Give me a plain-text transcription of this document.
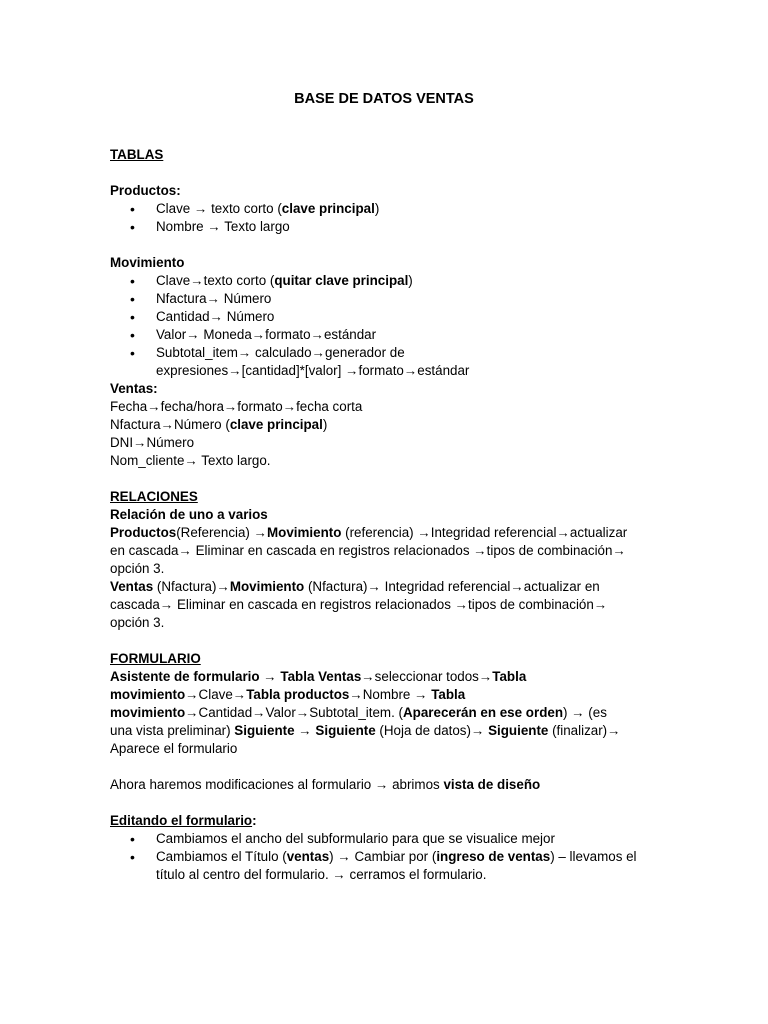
BASE DE DATOS VENTAS
TABLAS
Productos:
• Clave → texto corto (clave principal)
• Nombre → Texto largo
Movimiento
• Clave → texto corto (quitar clave principal)
• Nfactura→ Número
• Cantidad→ Número
• Valor→ Moneda → formato → estándar
• Subtotal_item→ calculado → generador de
expresiones → [cantidad]*[valor] → formato → estándar
Ventas:
Fecha → fecha/hora → formato → fecha corta
Nfactura → Número (clave principal)
DNI → Número
Nom_cliente→ Texto largo.
RELACIONES
Relación de uno a varios
Productos(Referencia) → Movimiento (referencia) → Integridad referencial → actualizar
en cascada→ Eliminar en cascada en registros relacionados → tipos de combinación→
opción 3.
Ventas (Nfactura) → Movimiento (Nfactura)→ Integridad referencial → actualizar en
cascada→ Eliminar en cascada en registros relacionados → tipos de combinación→
opción 3.
FORMULARIO
Asistente de formulario → Tabla Ventas → seleccionar todos → Tabla
movimiento → Clave → Tabla productos → Nombre → Tabla
movimiento → Cantidad → Valor → Subtotal_item. (Aparecerán en ese orden) → (es
una vista preliminar) Siguiente → Siguiente (Hoja de datos) → Siguiente (finalizar)→
Aparece el formulario
Ahora haremos modificaciones al formulario → abrimos vista de diseño
Editando el formulario:
• Cambiamos el ancho del subformulario para que se visualice mejor
• Cambiamos el Título (ventas) → Cambiar por (ingreso de ventas) – llevamos el
título al centro del formulario. → cerramos el formulario.
